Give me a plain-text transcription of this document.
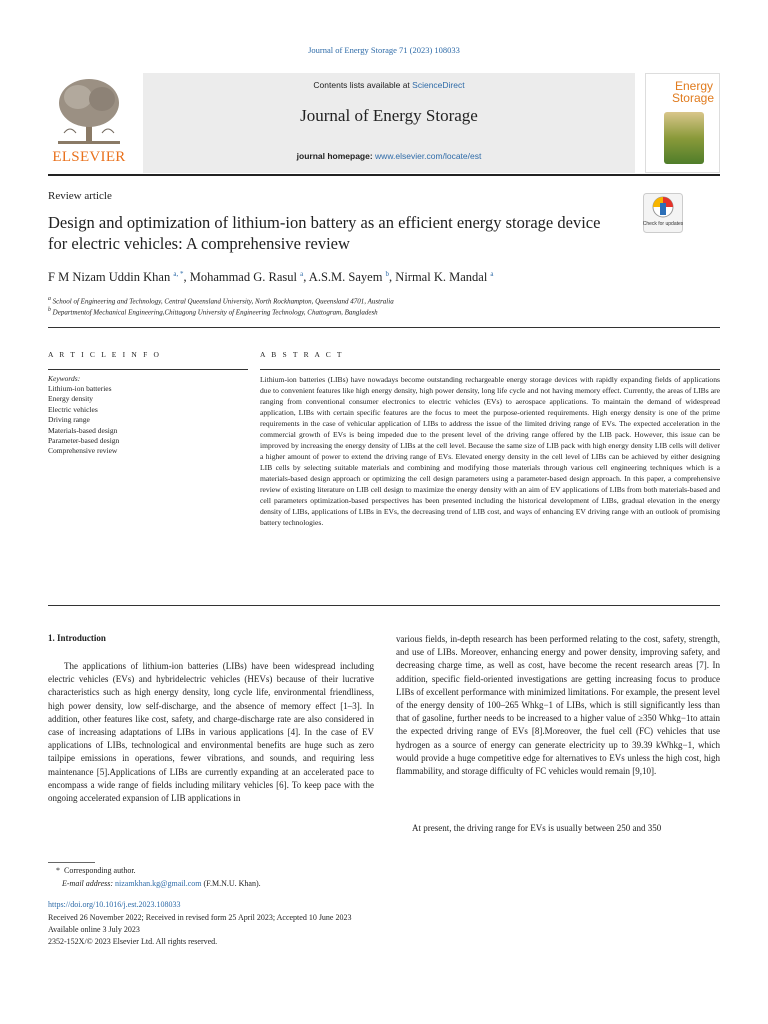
Journal of Energy Storage 71 (2023) 108033
ELSEVIER
Contents lists available at ScienceDirect
Journal of Energy Storage
journal homepage: www.elsevier.com/locate/est
Energy
Storage
Review article
Design and optimization of lithium-ion battery as an efficient energy storage device for electric vehicles: A comprehensive review
Check for updates
F M Nizam Uddin Khan $^{a, *}$, Mohammad G. Rasul $^a$, A.S.M. Sayem $^b$, Nirmal K. Mandal $^a$
$^a$ School of Engineering and Technology, Central Queensland University, North Rockhampton, Queensland 4701, Australia
$^b$ Departmentof Mechanical Engineering,Chittagong University of Engineering Technology, Chattogram, Bangladesh
A R T I C L E I N F O	A B S T R A C T
Keywords:
Lithium-ion batteries
Energy density
Electric vehicles
Driving range
Materials-based design
Parameter-based design
Comprehensive review
Lithium-ion batteries (LIBs) have nowadays become outstanding rechargeable energy storage devices with rapidly expanding fields of applications due to convenient features like high energy density, high power density, long life cycle and not having memory effect. Currently, the areas of LIBs are ranging from conventional consumer electronics to electric vehicles (EVs) to aerospace applications. To maintain the demand of widespread application, LIBs with certain specific features are the focus to meet the purpose-oriented requirements. High energy density is one of the prime requirements in the case of vehicular application of LIBs to address the issue of the limited driving range of EVs. The expected acceleration in the commercial growth of EVs is being impeded due to the present level of the driving range offered by the LIB pack. However, this issue can be improved by increasing the energy density of LIBs at the cell level. Because the same size of LIB pack with high energy density LIB cells will deliver a higher amount of power to extend the driving range of EVs. Elevated energy density in the cell level of LIBs can be achieved by either designing LIB cells by selecting suitable materials and combining and modifying those materials through various cell engineering techniques which is a materials-based design approach or optimizing the cell design parameters using a parameter-based design approach. In this paper, a comprehensive review of existing literature on LIB cell design to maximize the energy density with an aim of EV applications of LIBs from both materials-based and cell parameters optimization-based perspectives has been presented including the historical development of LIBs, gradual elevation in the energy density of LIBs, applications of LIBs in EVs, the decreasing trend of LIB cost, and ways of enhancing EV driving range with an outlook of promising battery technologies.
1. Introduction
The applications of lithium-ion batteries (LIBs) have been widespread including electric vehicles (EVs) and hybridelectric vehicles (HEVs) because of their lucrative characteristics such as high energy density, long cycle life, environmental friendliness, high power density, low self-discharge, and the absence of memory effect [1–3]. In addition, other features like cost, safety, and charge-discharge rate are also considered in case of increasing adaptations of LIBs in various applications [4]. In the case of EV applications of LIBs, technological and environmental benefits are huge such as zero tailpipe emissions in operations, fewer vibrations, and sounds, and requiring less maintenance [5].Applications of LIBs are currently expanding at an accelerated pace to encompass a wide range of fields including military vehicles [6]. To keep pace with the ongoing accelerated expansion of LIB applications in
various fields, in-depth research has been performed relating to the cost, safety, strength, and use of LIBs. Moreover, enhancing energy and power density, improving safety, and decreasing charge time, as well as cost, have become the recent research areas [7]. In addition, specific field-oriented investigations are getting increasing focus to produce LIBs of excellent performance with minimized limitations. For example, the present level of the energy density of 100–265 Whkg−1 of LIBs, which is still significantly less than that of gasoline, further needs to be increased to a higher value of ≥350 Whkg−1to attain the expected driving range of EVs [8].Moreover, the fuel cell (FC) vehicles that use hydrogen as a source of energy can generate electricity up to 39.39 kWhkg−1, which would provide a huge competitive edge for alternatives to EVs unless the high cost, high flammability, and storage difficulty of FC vehicles would remain [9,10].
At present, the driving range for EVs is usually between 250 and 350
* Corresponding author.
E-mail address: nizamkhan.kg@gmail.com (F.M.N.U. Khan).
https://doi.org/10.1016/j.est.2023.108033
Received 26 November 2022; Received in revised form 25 April 2023; Accepted 10 June 2023
Available online 3 July 2023
2352-152X/© 2023 Elsevier Ltd. All rights reserved.
